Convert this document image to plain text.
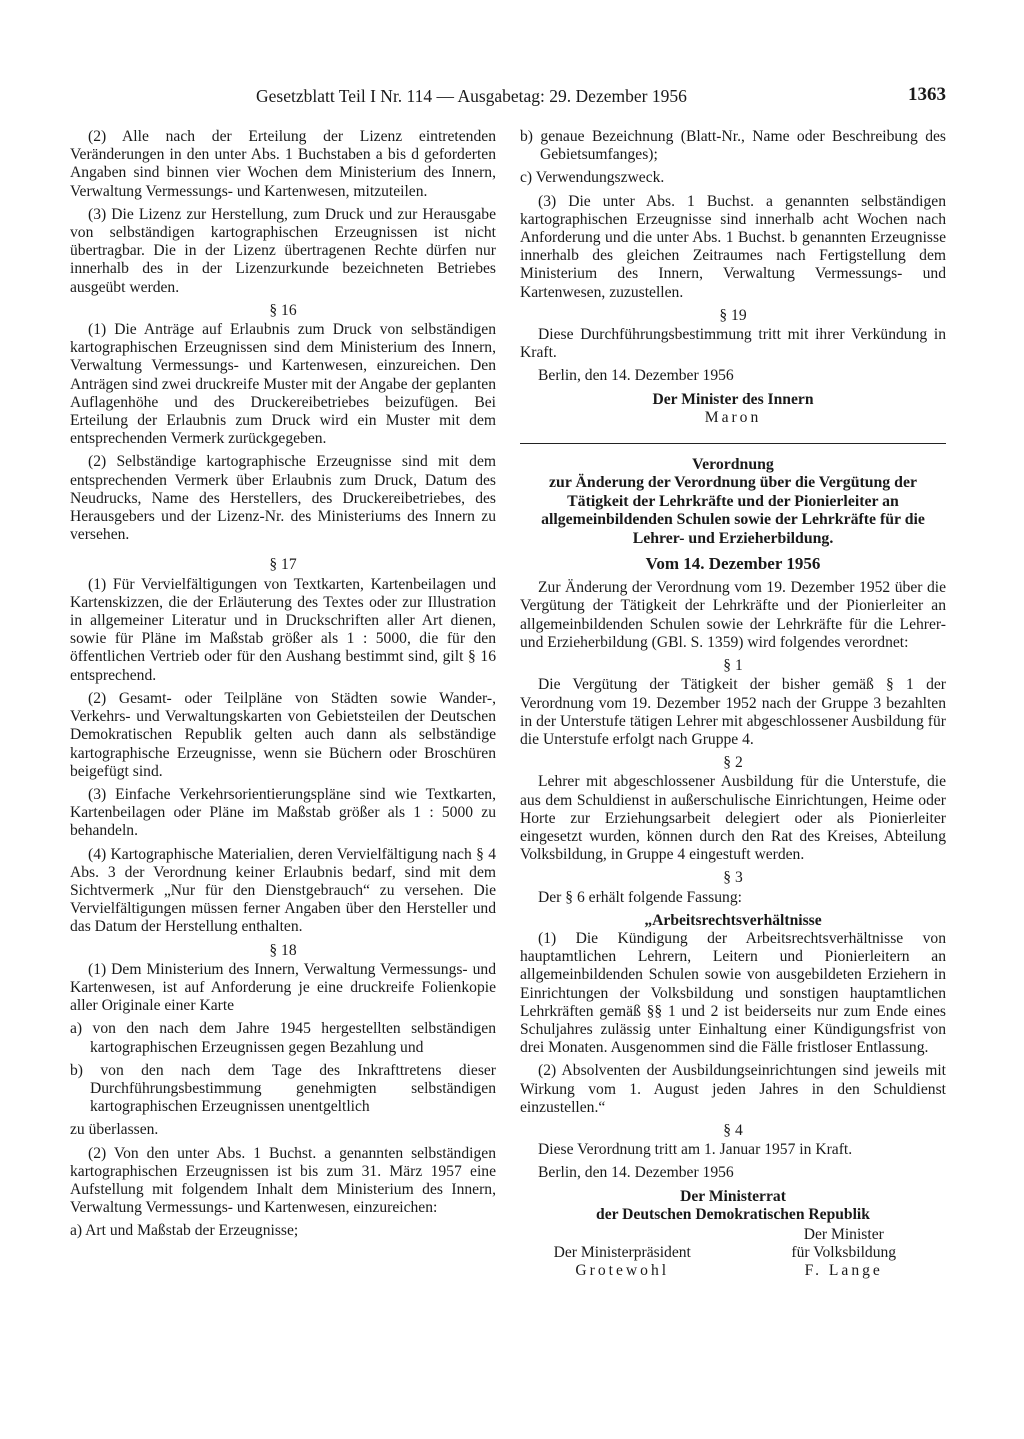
Gesetzblatt Teil I Nr. 114 — Ausgabetag: 29. Dezember 1956	1363

(2) Alle nach der Erteilung der Lizenz eintretenden Veränderungen in den unter Abs. 1 Buchstaben a bis d geforderten Angaben sind binnen vier Wochen dem Ministerium des Innern, Verwaltung Vermessungs- und Kartenwesen, mitzuteilen.

(3) Die Lizenz zur Herstellung, zum Druck und zur Herausgabe von selbständigen kartographischen Erzeugnissen ist nicht übertragbar. Die in der Lizenz übertragenen Rechte dürfen nur innerhalb des in der Lizenzurkunde bezeichneten Betriebes ausgeübt werden.

§ 16

(1) Die Anträge auf Erlaubnis zum Druck von selbständigen kartographischen Erzeugnissen sind dem Ministerium des Innern, Verwaltung Vermessungs- und Kartenwesen, einzureichen. Den Anträgen sind zwei druckreife Muster mit der Angabe der geplanten Auflagenhöhe und des Druckereibetriebes beizufügen. Bei Erteilung der Erlaubnis zum Druck wird ein Muster mit dem entsprechenden Vermerk zurückgegeben.

(2) Selbständige kartographische Erzeugnisse sind mit dem entsprechenden Vermerk über Erlaubnis zum Druck, Datum des Neudrucks, Name des Herstellers, des Druckereibetriebes, des Herausgebers und der Lizenz-Nr. des Ministeriums des Innern zu versehen.

§ 17

(1) Für Vervielfältigungen von Textkarten, Kartenbeilagen und Kartenskizzen, die der Erläuterung des Textes oder zur Illustration in allgemeiner Literatur und in Druckschriften aller Art dienen, sowie für Pläne im Maßstab größer als 1 : 5000, die für den öffentlichen Vertrieb oder für den Aushang bestimmt sind, gilt § 16 entsprechend.

(2) Gesamt- oder Teilpläne von Städten sowie Wander-, Verkehrs- und Verwaltungskarten von Gebietsteilen der Deutschen Demokratischen Republik gelten auch dann als selbständige kartographische Erzeugnisse, wenn sie Büchern oder Broschüren beigefügt sind.

(3) Einfache Verkehrsorientierungspläne sind wie Textkarten, Kartenbeilagen oder Pläne im Maßstab größer als 1 : 5000 zu behandeln.

(4) Kartographische Materialien, deren Vervielfältigung nach § 4 Abs. 3 der Verordnung keiner Erlaubnis bedarf, sind mit dem Sichtvermerk „Nur für den Dienstgebrauch“ zu versehen. Die Vervielfältigungen müssen ferner Angaben über den Hersteller und das Datum der Herstellung enthalten.

§ 18

(1) Dem Ministerium des Innern, Verwaltung Vermessungs- und Kartenwesen, ist auf Anforderung je eine druckreife Folienkopie aller Originale einer Karte

a) von den nach dem Jahre 1945 hergestellten selbständigen kartographischen Erzeugnissen gegen Bezahlung und

b) von den nach dem Tage des Inkrafttretens dieser Durchführungsbestimmung genehmigten selbständigen kartographischen Erzeugnissen unentgeltlich

zu überlassen.

(2) Von den unter Abs. 1 Buchst. a genannten selbständigen kartographischen Erzeugnissen ist bis zum 31. März 1957 eine Aufstellung mit folgendem Inhalt dem Ministerium des Innern, Verwaltung Vermessungs- und Kartenwesen, einzureichen:

a) Art und Maßstab der Erzeugnisse;

b) genaue Bezeichnung (Blatt-Nr., Name oder Beschreibung des Gebietsumfanges);

c) Verwendungszweck.

(3) Die unter Abs. 1 Buchst. a genannten selbständigen kartographischen Erzeugnisse sind innerhalb acht Wochen nach Anforderung und die unter Abs. 1 Buchst. b genannten Erzeugnisse innerhalb des gleichen Zeitraumes nach Fertigstellung dem Ministerium des Innern, Verwaltung Vermessungs- und Kartenwesen, zuzustellen.

§ 19

Diese Durchführungsbestimmung tritt mit ihrer Verkündung in Kraft.

Berlin, den 14. Dezember 1956

Der Minister des Innern
Maron
Verordnung
zur Änderung der Verordnung über die Vergütung der Tätigkeit der Lehrkräfte und der Pionierleiter an allgemeinbildenden Schulen sowie der Lehrkräfte für die Lehrer- und Erzieherbildung.
Vom 14. Dezember 1956

Zur Änderung der Verordnung vom 19. Dezember 1952 über die Vergütung der Tätigkeit der Lehrkräfte und der Pionierleiter an allgemeinbildenden Schulen sowie der Lehrkräfte für die Lehrer- und Erzieherbildung (GBl. S. 1359) wird folgendes verordnet:

§ 1

Die Vergütung der Tätigkeit der bisher gemäß § 1 der Verordnung vom 19. Dezember 1952 nach der Gruppe 3 bezahlten in der Unterstufe tätigen Lehrer mit abgeschlossener Ausbildung für die Unterstufe erfolgt nach Gruppe 4.

§ 2

Lehrer mit abgeschlossener Ausbildung für die Unterstufe, die aus dem Schuldienst in außerschulische Einrichtungen, Heime oder Horte zur Erziehungsarbeit delegiert oder als Pionierleiter eingesetzt wurden, können durch den Rat des Kreises, Abteilung Volksbildung, in Gruppe 4 eingestuft werden.

§ 3

Der § 6 erhält folgende Fassung:

„Arbeitsrechtsverhältnisse

(1) Die Kündigung der Arbeitsrechtsverhältnisse von hauptamtlichen Lehrern, Leitern und Pionierleitern an allgemeinbildenden Schulen sowie von ausgebildeten Erziehern in Einrichtungen der Volksbildung und sonstigen hauptamtlichen Lehrkräften gemäß §§ 1 und 2 ist beiderseits nur zum Ende eines Schuljahres zulässig unter Einhaltung einer Kündigungsfrist von drei Monaten. Ausgenommen sind die Fälle fristloser Entlassung.

(2) Absolventen der Ausbildungseinrichtungen sind jeweils mit Wirkung vom 1. August jeden Jahres in den Schuldienst einzustellen.“

§ 4

Diese Verordnung tritt am 1. Januar 1957 in Kraft.

Berlin, den 14. Dezember 1956

Der Ministerrat
der Deutschen Demokratischen Republik

Der Ministerpräsident
Grotewohl
Der Minister
für Volksbildung
F. Lange
